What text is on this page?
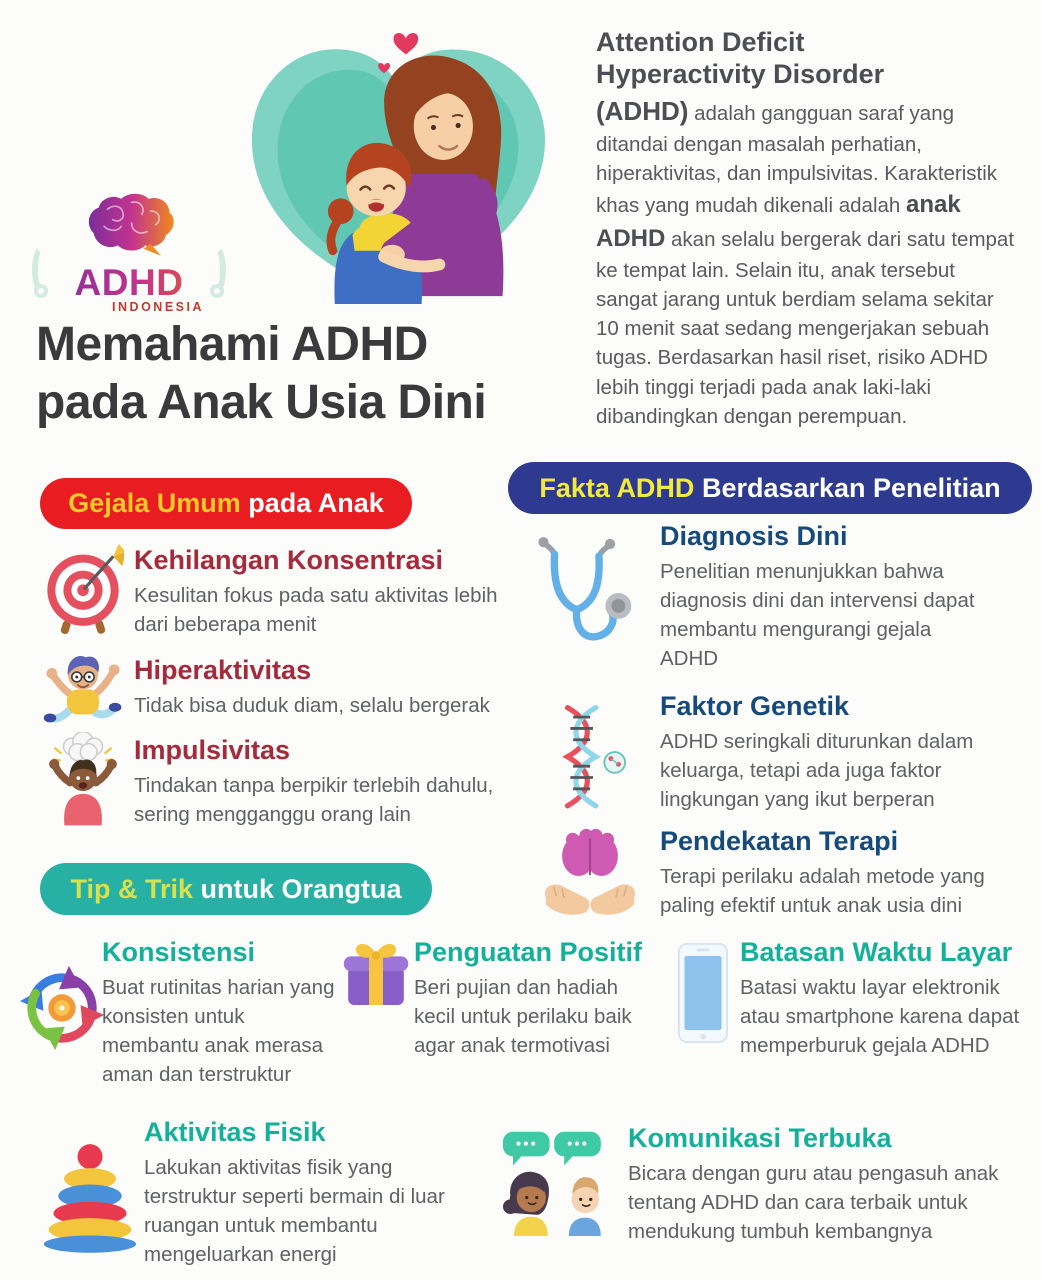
ADHD
INDONESIA
Memahami ADHD
pada Anak Usia Dini
Attention Deficit
Hyperactivity Disorder

(ADHD) adalah gangguan saraf yang ditandai dengan masalah perhatian, hiperaktivitas, dan impulsivitas. Karakteristik khas yang mudah dikenali adalah anak ADHD akan selalu bergerak dari satu tempat ke tempat lain. Selain itu, anak tersebut sangat jarang untuk berdiam selama sekitar 10 menit saat sedang mengerjakan sebuah tugas. Berdasarkan hasil riset, risiko ADHD lebih tinggi terjadi pada anak laki-laki dibandingkan dengan perempuan.

Gejala Umum pada Anak
Kehilangan Konsentrasi
Kesulitan fokus pada satu aktivitas lebih dari beberapa menit
Hiperaktivitas
Tidak bisa duduk diam, selalu bergerak
Impulsivitas
Tindakan tanpa berpikir terlebih dahulu, sering mengganggu orang lain
Fakta ADHD Berdasarkan Penelitian
Diagnosis Dini
Penelitian menunjukkan bahwa diagnosis dini dan intervensi dapat membantu mengurangi gejala ADHD
Faktor Genetik
ADHD seringkali diturunkan dalam keluarga, tetapi ada juga faktor lingkungan yang ikut berperan
Pendekatan Terapi
Terapi perilaku adalah metode yang paling efektif untuk anak usia dini
Tip & Trik untuk Orangtua
Konsistensi
Buat rutinitas harian yang konsisten untuk membantu anak merasa aman dan terstruktur
Penguatan Positif
Beri pujian dan hadiah kecil untuk perilaku baik agar anak termotivasi
Batasan Waktu Layar
Batasi waktu layar elektronik atau smartphone karena dapat memperburuk gejala ADHD
Aktivitas Fisik
Lakukan aktivitas fisik yang terstruktur seperti bermain di luar ruangan untuk membantu mengeluarkan energi
Komunikasi Terbuka
Bicara dengan guru atau pengasuh anak tentang ADHD dan cara terbaik untuk mendukung tumbuh kembangnya
